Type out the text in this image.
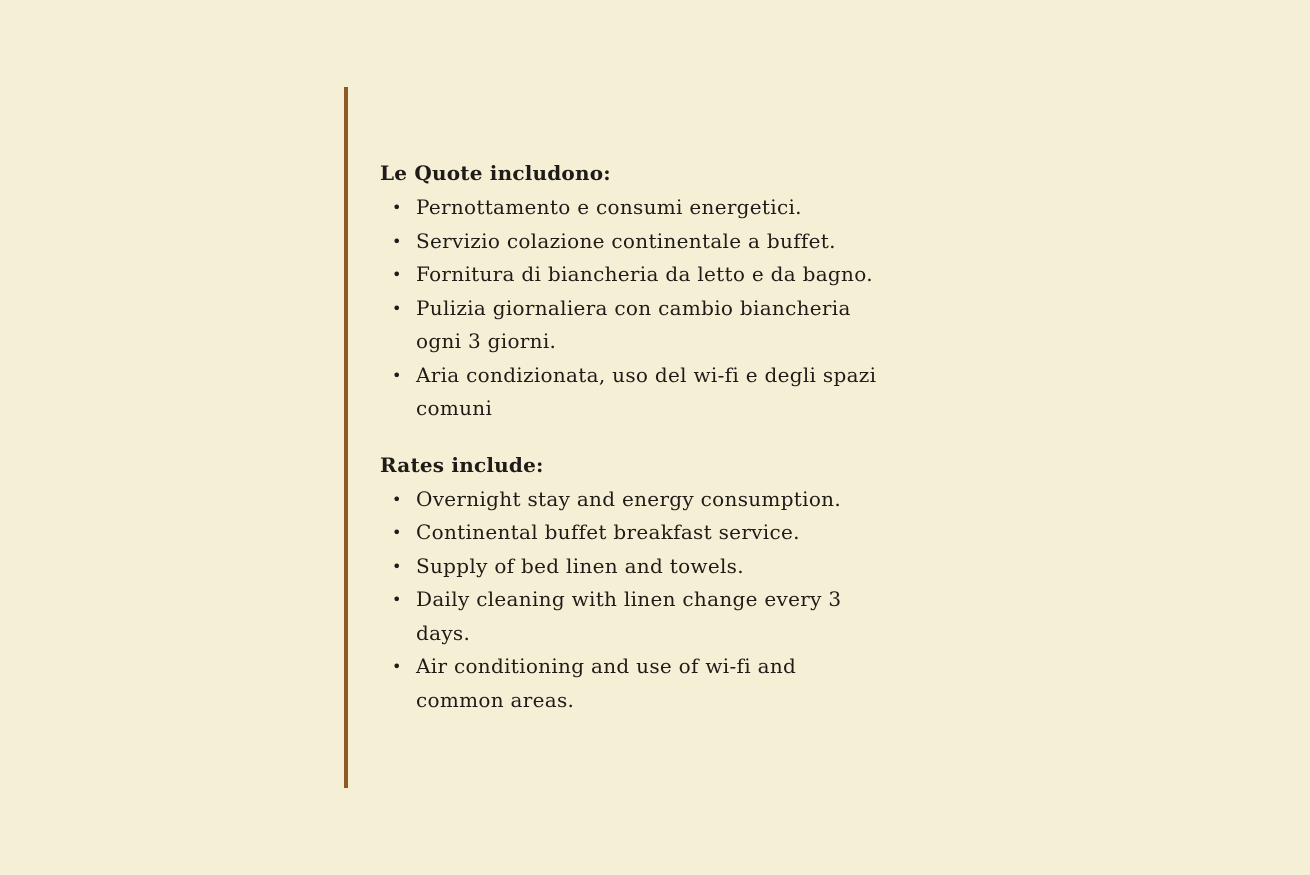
Le Quote includono:
• Pernottamento e consumi energetici.
• Servizio colazione continentale a buffet.
• Fornitura di biancheria da letto e da bagno.
• Pulizia giornaliera con cambio biancheria ogni 3 giorni.
• Aria condizionata, uso del wi-fi e degli spazi comuni
Rates include:
• Overnight stay and energy consumption.
• Continental buffet breakfast service.
• Supply of bed linen and towels.
• Daily cleaning with linen change every 3 days.
• Air conditioning and use of wi-fi and common areas.
